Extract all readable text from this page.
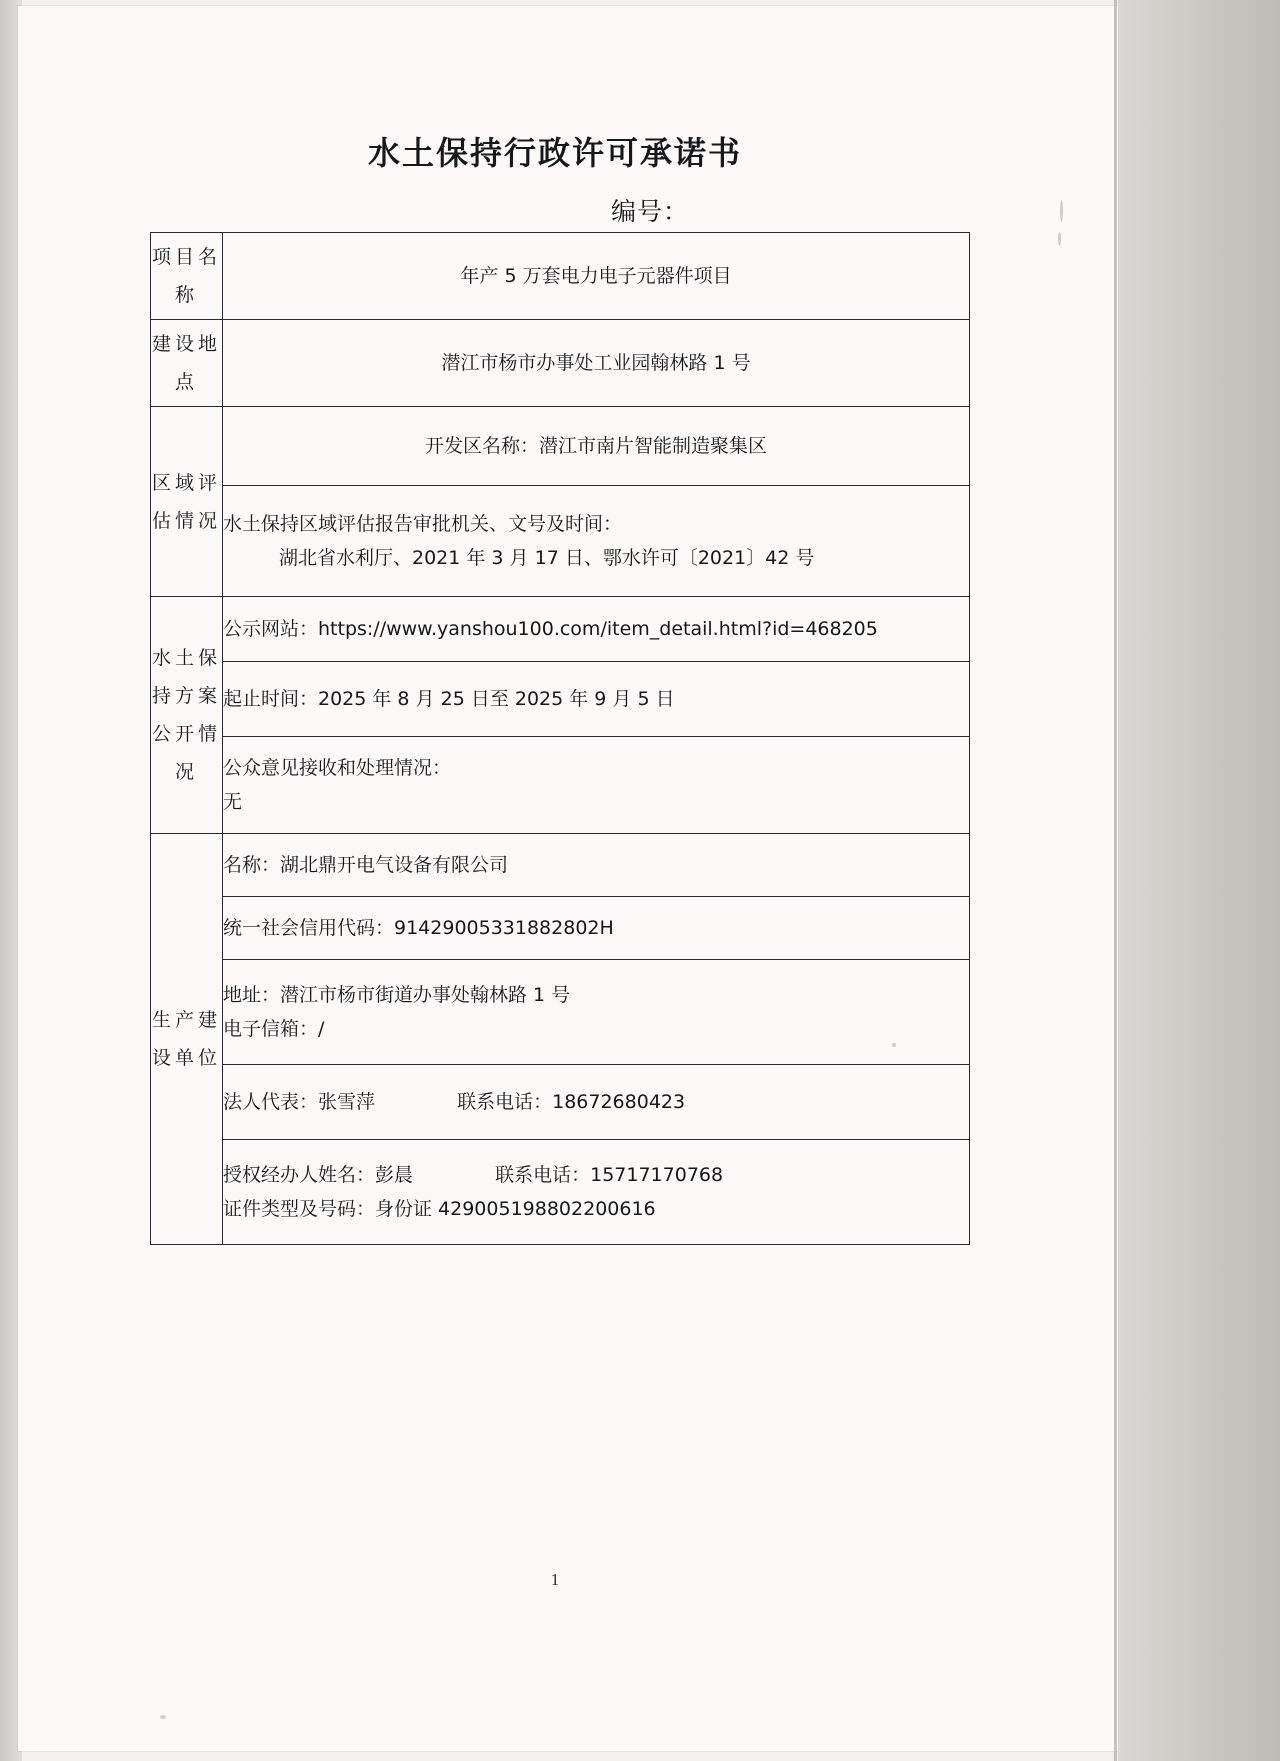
水土保持行政许可承诺书
编号：
项目名称	年产 5 万套电力电子元器件项目

建设地点	潜江市杨市办事处工业园翰林路 1 号

区域评估情况	开发区名称：潜江市南片智能制造聚集区
	水土保持区域评估报告审批机关、文号及时间：
湖北省水利厅、2021 年 3 月 17 日、鄂水许可〔2021〕42 号

水土保持方案公开情况	公示网站：https://www.yanshou100.com/item_detail.html?id=468205
	起止时间：2025 年 8 月 25 日至 2025 年 9 月 5 日
	公众意见接收和处理情况：
无

生产建设单位	名称：湖北鼎开电气设备有限公司
	统一社会信用代码：91429005331882802H

	地址：潜江市杨市街道办事处翰林路 1 号
电子信箱：/

	法人代表：张雪萍 联系电话：18672680423

	授权经办人姓名：彭晨 联系电话：15717170768
证件类型及号码：身份证 429005198802200616
1
